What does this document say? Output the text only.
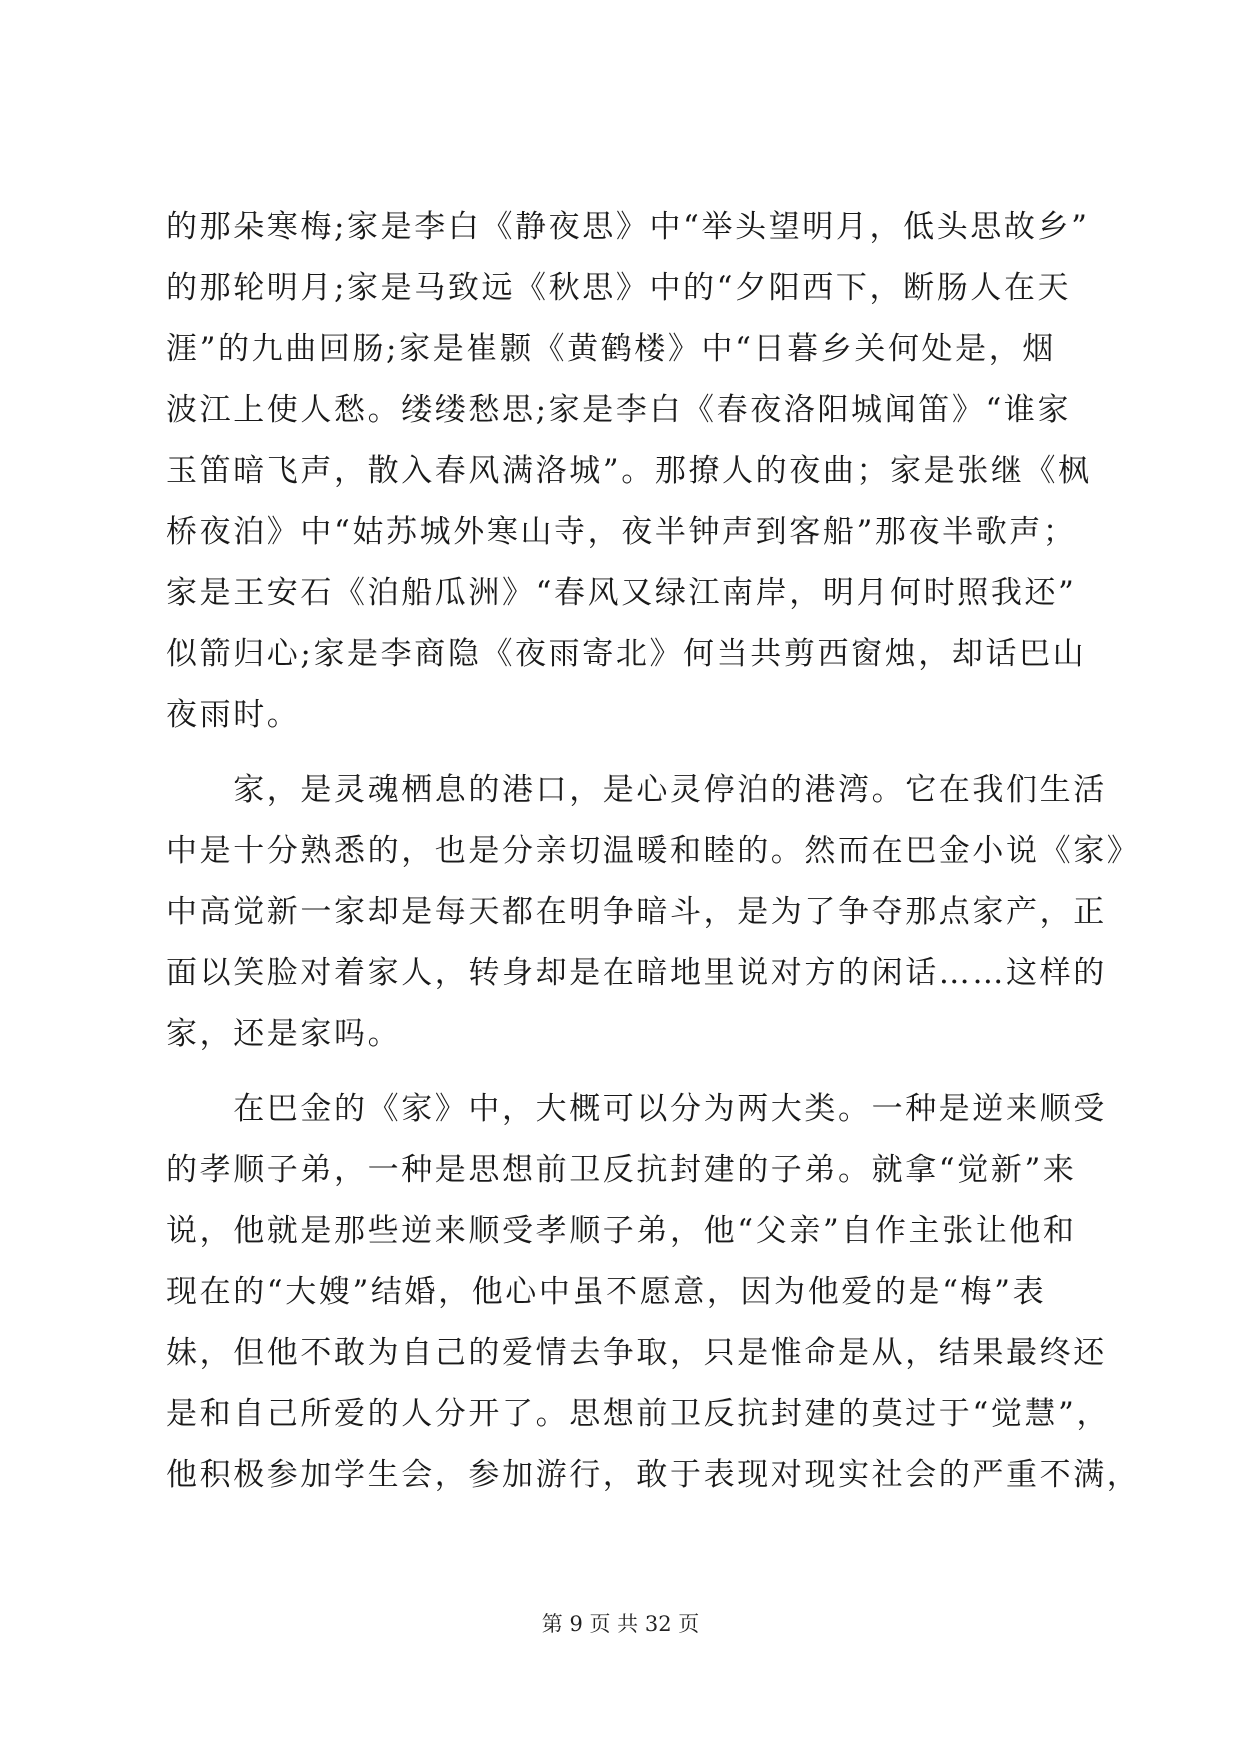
的那朵寒梅;家是李白《静夜思》中“举头望明月，低头思故乡”
的那轮明月;家是马致远《秋思》中的“夕阳西下，断肠人在天
涯”的九曲回肠;家是崔颢《黄鹤楼》中“日暮乡关何处是，烟
波江上使人愁。缕缕愁思;家是李白《春夜洛阳城闻笛》“谁家
玉笛暗飞声，散入春风满洛城”。那撩人的夜曲；家是张继《枫
桥夜泊》中“姑苏城外寒山寺，夜半钟声到客船”那夜半歌声；
家是王安石《泊船瓜洲》“春风又绿江南岸，明月何时照我还”
似箭归心;家是李商隐《夜雨寄北》何当共剪西窗烛，却话巴山
夜雨时。
　　家，是灵魂栖息的港口，是心灵停泊的港湾。它在我们生活
中是十分熟悉的，也是分亲切温暖和睦的。然而在巴金小说《家》
中高觉新一家却是每天都在明争暗斗，是为了争夺那点家产，正
面以笑脸对着家人，转身却是在暗地里说对方的闲话……这样的
家，还是家吗。
　　在巴金的《家》中，大概可以分为两大类。一种是逆来顺受
的孝顺子弟，一种是思想前卫反抗封建的子弟。就拿“觉新”来
说，他就是那些逆来顺受孝顺子弟，他“父亲”自作主张让他和
现在的“大嫂”结婚，他心中虽不愿意，因为他爱的是“梅”表
妹，但他不敢为自己的爱情去争取，只是惟命是从，结果最终还
是和自己所爱的人分开了。思想前卫反抗封建的莫过于“觉慧”，
他积极参加学生会，参加游行，敢于表现对现实社会的严重不满，
第 9 页 共 32 页
